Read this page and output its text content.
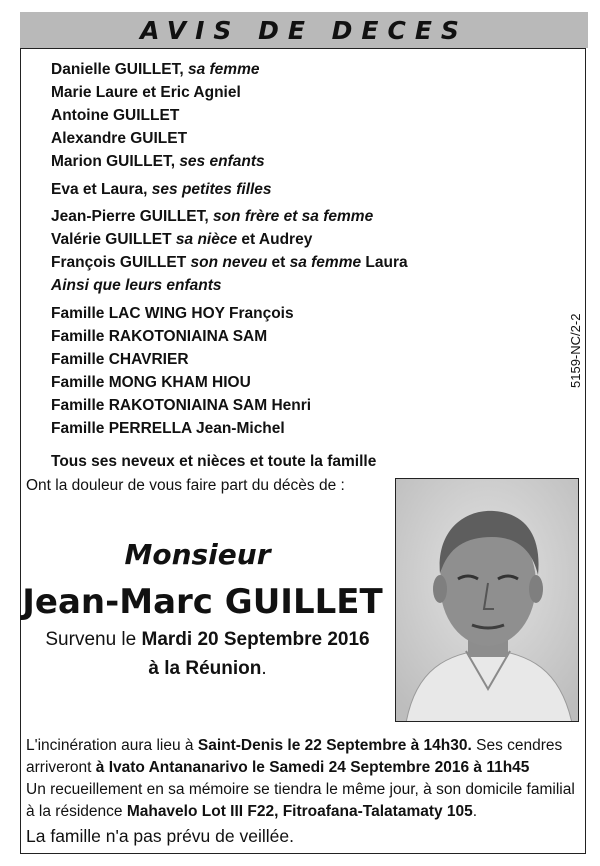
AVIS DE DECES
Danielle GUILLET, sa femme
Marie Laure et Eric Agniel
Antoine GUILLET
Alexandre GUILET
Marion GUILLET, ses enfants
Eva et Laura, ses petites filles
Jean-Pierre GUILLET, son frère et sa femme
Valérie GUILLET sa nièce et Audrey
François GUILLET son neveu et sa femme Laura
Ainsi que leurs enfants
Famille LAC WING HOY François
Famille RAKOTONIAINA SAM
Famille CHAVRIER
Famille MONG KHAM HIOU
Famille RAKOTONIAINA SAM Henri
Famille PERRELLA Jean-Michel
Tous ses neveux et nièces et toute la famille
5159-NC/2-2
Ont la douleur de vous faire part du décès de :
Monsieur
Jean-Marc GUILLET
Survenu le Mardi 20 Septembre 2016
à la Réunion.
L'incinération aura lieu à Saint-Denis le 22 Septembre à 14h30. Ses cendres
arriveront à Ivato Antananarivo le Samedi 24 Septembre 2016 à 11h45
Un recueillement en sa mémoire se tiendra le même jour, à son domicile familial
à la résidence Mahavelo Lot III F22, Fitroafana-Talatamaty 105.
La famille n'a pas prévu de veillée.
